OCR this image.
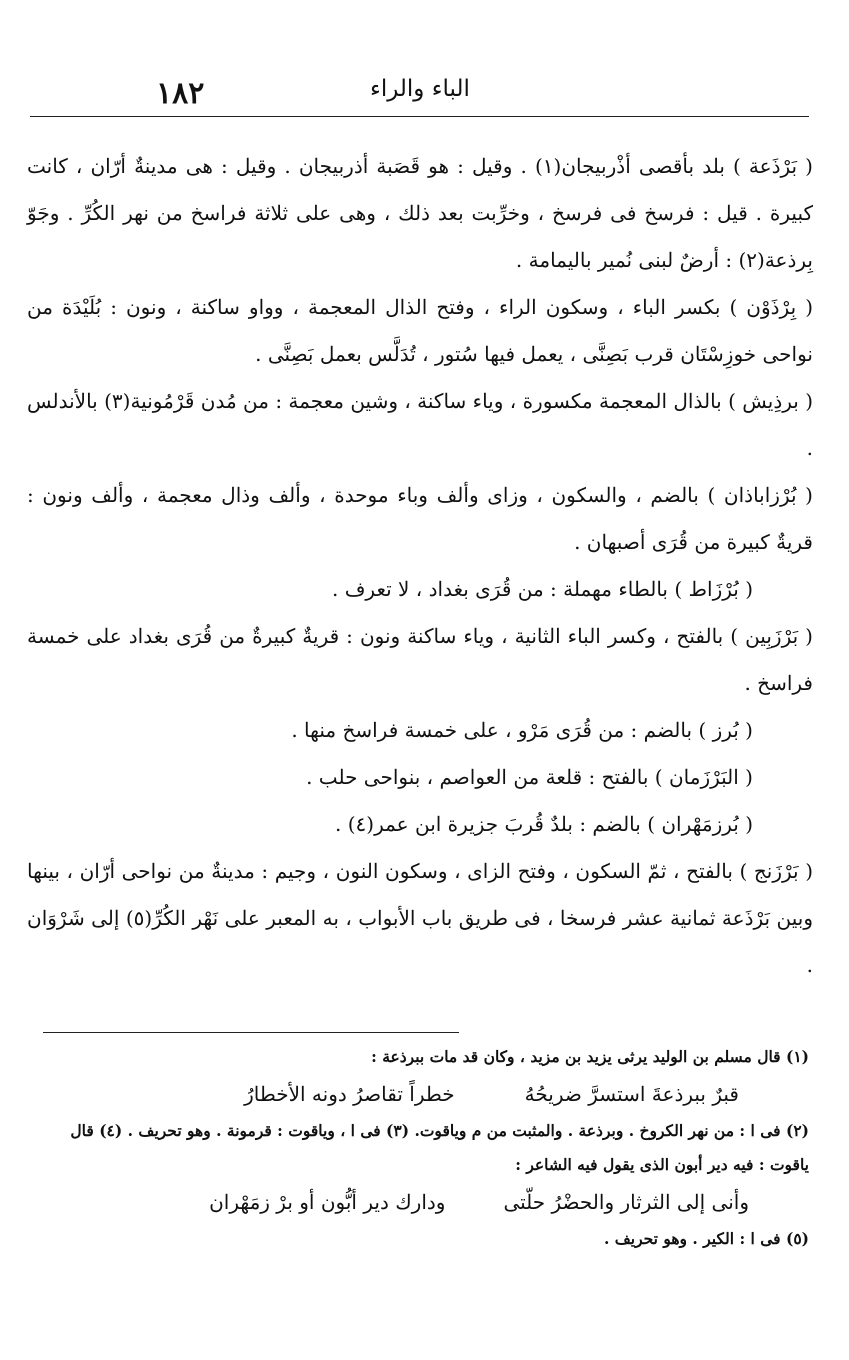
١٨٢	الباء والراء

( بَرْذَعة ) بلد بأقصى أذْربيجان(١) . وقيل : هو قَصَبة أذربيجان . وقيل : هى مدينةٌ أرّان ، كانت كبيرة . قيل : فرسخ فى فرسخ ، وخرِّبت بعد ذلك ، وهى على ثلاثة فراسخ من نهر الكُرِّ . وجَوّ بِرذعة(٢) : أرضٌ لبنى نُمير باليمامة .

( بِرْذَوْن ) بكسر الباء ، وسكون الراء ، وفتح الذال المعجمة ، وواو ساكنة ، ونون : بُلَيْدَة من نواحى خوزِسْتَان قرب بَصِنَّى ، يعمل فيها سُتور ، تُدَلَّس بعمل بَصِنَّى .

( برذِيش ) بالذال المعجمة مكسورة ، وياء ساكنة ، وشين معجمة : من مُدن قَرْمُونية(٣) بالأندلس .

( بُرْزاباذان ) بالضم ، والسكون ، وزاى وألف وباء موحدة ، وألف وذال معجمة ، وألف ونون : قريةٌ كبيرة من قُرَى أصبهان .

( بُرْزَاط ) بالطاء مهملة : من قُرَى بغداد ، لا تعرف .

( بَرْزَبِين ) بالفتح ، وكسر الباء الثانية ، وياء ساكنة ونون : قريةٌ كبيرةٌ من قُرَى بغداد على خمسة فراسخ .

( بُرز ) بالضم : من قُرَى مَرْو ، على خمسة فراسخ منها .

( البَرْزَمان ) بالفتح : قلعة من العواصم ، بنواحى حلب .

( بُرزمَهْران ) بالضم : بلدٌ قُربَ جزيرة ابن عمر(٤) .

( بَرْزَنج ) بالفتح ، ثمّ السكون ، وفتح الزاى ، وسكون النون ، وجيم : مدينةٌ من نواحى أرّان ، بينها وبين بَرْذَعة ثمانية عشر فرسخا ، فى طريق باب الأبواب ، به المعبر على نَهْر الكُرِّ(٥) إلى شَرْوَان .

(١) قال مسلم بن الوليد يرثى يزيد بن مزيد ، وكان قد مات ببرذعة :

قبرٌ ببرذعةَ استسرَّ ضريحُهُ
خطراً تقاصرُ دونه الأخطارُ

(٢) فى ا : من نهر الكروخ . وبرذعة . والمثبت من م وياقوت. (٣) فى ا ، وياقوت : قرمونة . وهو تحريف . (٤) قال ياقوت : فيه دير أبون الذى يقول فيه الشاعر :

وأنى إلى الثرثار والحضْرُ حلّتى
ودارك دير أبُّون أو برْ زمَهْران

(٥) فى ا : الكير . وهو تحريف .
